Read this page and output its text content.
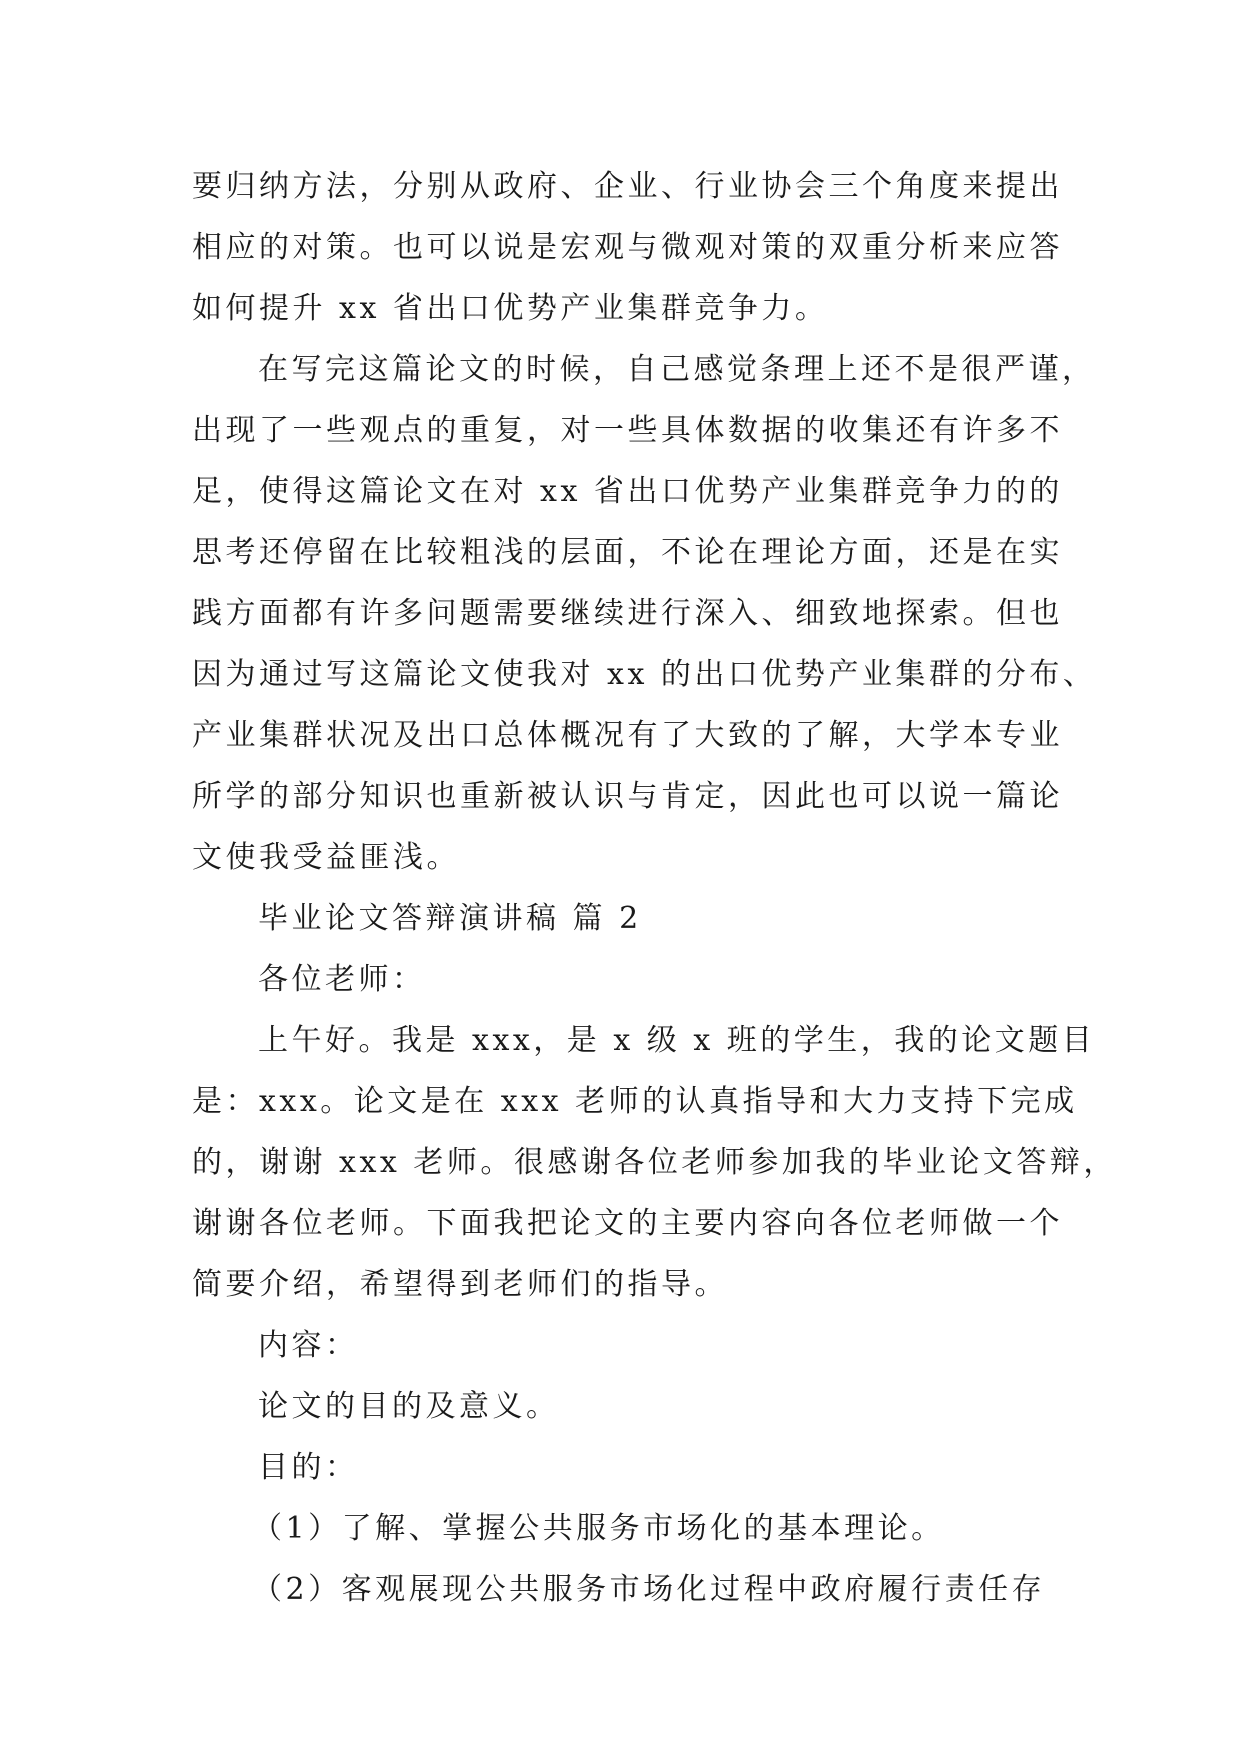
要归纳方法，分别从政府、企业、行业协会三个角度来提出
相应的对策。也可以说是宏观与微观对策的双重分析来应答
如何提升 xx 省出口优势产业集群竞争力。
在写完这篇论文的时候，自己感觉条理上还不是很严谨，
出现了一些观点的重复，对一些具体数据的收集还有许多不
足，使得这篇论文在对 xx 省出口优势产业集群竞争力的的
思考还停留在比较粗浅的层面，不论在理论方面，还是在实
践方面都有许多问题需要继续进行深入、细致地探索。但也
因为通过写这篇论文使我对 xx 的出口优势产业集群的分布、
产业集群状况及出口总体概况有了大致的了解，大学本专业
所学的部分知识也重新被认识与肯定，因此也可以说一篇论
文使我受益匪浅。
毕业论文答辩演讲稿 篇 2
各位老师：
上午好。我是 xxx，是 x 级 x 班的学生，我的论文题目
是：xxx。论文是在 xxx 老师的认真指导和大力支持下完成
的，谢谢 xxx 老师。很感谢各位老师参加我的毕业论文答辩，
谢谢各位老师。下面我把论文的主要内容向各位老师做一个
简要介绍，希望得到老师们的指导。
内容：
论文的目的及意义。
目的：
（1）了解、掌握公共服务市场化的基本理论。
（2）客观展现公共服务市场化过程中政府履行责任存
